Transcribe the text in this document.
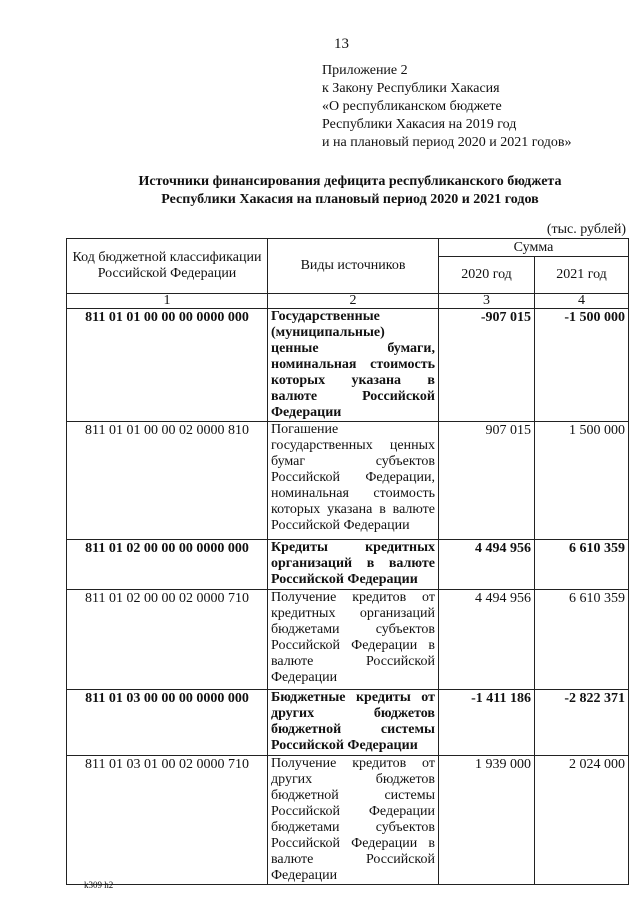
13
Приложение 2
к Закону Республики Хакасия
«О республиканском бюджете
Республики Хакасия на 2019 год
и на плановый период 2020 и 2021 годов»
Источники финансирования дефицита республиканского бюджета
Республики Хакасия на плановый период 2020 и 2021 годов
(тыс. рублей)
Код бюджетной классификации Российской Федерации	Виды источников	Сумма	
		2020 год	2021 год
1	2	3	4
811 01 01 00 00 00 0000 000	Государственные (муниципальные) ценные бумаги, номинальная стоимость которых указана в валюте Российской Федерации	-907 015	-1 500 000
811 01 01 00 00 02 0000 810	Погашение государственных ценных бумаг субъектов Российской Федерации, номинальная стоимость которых указана в валюте Российской Федерации	907 015	1 500 000
811 01 02 00 00 00 0000 000	Кредиты кредитных организаций в валюте Российской Федерации	4 494 956	6 610 359
811 01 02 00 00 02 0000 710	Получение кредитов от кредитных организаций бюджетами субъектов Российской Федерации в валюте Российской Федерации	4 494 956	6 610 359
811 01 03 00 00 00 0000 000	Бюджетные кредиты от других бюджетов бюджетной системы Российской Федерации	-1 411 186	-2 822 371
811 01 03 01 00 02 0000 710	Получение кредитов от других бюджетов бюджетной системы Российской Федерации бюджетами субъектов Российской Федерации в валюте Российской Федерации	1 939 000	2 024 000
k309 h2
